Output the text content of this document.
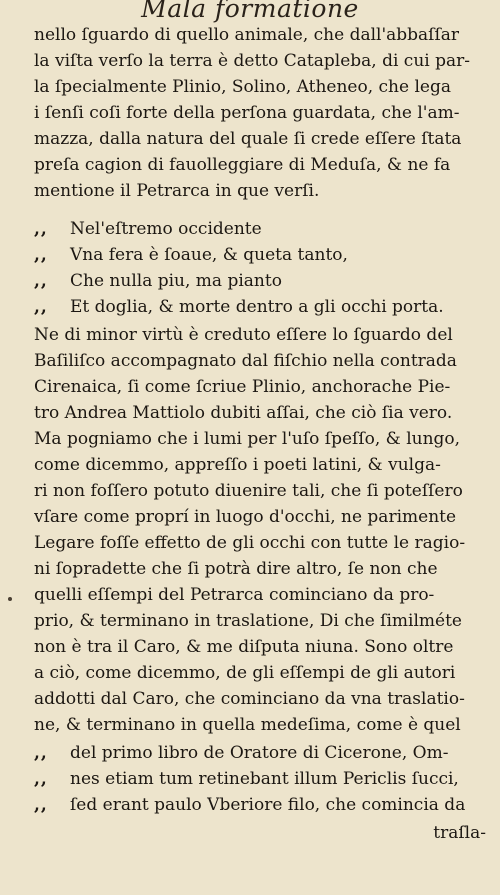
Mala formatione
nello ſguardo di quello animale, che dall'abbaſſar
la viſta verſo la terra è detto Catapleba, di cui par-
la ſpecialmente Plinio, Solino, Atheneo, che lega
i ſenſi coſi forte della perſona guardata, che l'am-
mazza, dalla natura del quale ſi crede eſſere ſtata
preſa cagion di fauolleggiare di Meduſa, & ne fa
mentione il Petrarca in que verſi.
,, Nel'eſtremo occidente
,, Vna fera è ſoaue, & queta tanto,
,, Che nulla piu, ma pianto
,, Et doglia, & morte dentro a gli occhi porta.
Ne di minor virtù è creduto eſſere lo ſguardo del
Baſiliſco accompagnato dal fiſchio nella contrada
Cirenaica, ſi come ſcriue Plinio, anchorache Pie-
tro Andrea Mattiolo dubiti aſſai, che ciò ſia vero.
Ma pogniamo che i lumi per l'uſo ſpeſſo, & lungo,
come dicemmo, appreſſo i poeti latini, & vulga-
ri non foſſero potuto diuenire tali, che ſi poteſſero
vſare come proprí in luogo d'occhi, ne parimente
Legare foſſe effetto de gli occhi con tutte le ragio-
ni ſopradette che ſi potrà dire altro, ſe non che
quelli eſſempi del Petrarca cominciano da pro-
prio, & terminano in traslatione, Di che ſimilméte
non è tra il Caro, & me diſputa niuna. Sono oltre
a ciò, come dicemmo, de gli eſſempi de gli autori
addotti dal Caro, che cominciano da vna traslatio-
ne, & terminano in quella medeſima, come è quel
,, del primo libro de Oratore di Cicerone, Om-
,, nes etiam tum retinebant illum Periclis ſucci,
,, ſed erant paulo Vberiore filo, che comincia da
traſla-
